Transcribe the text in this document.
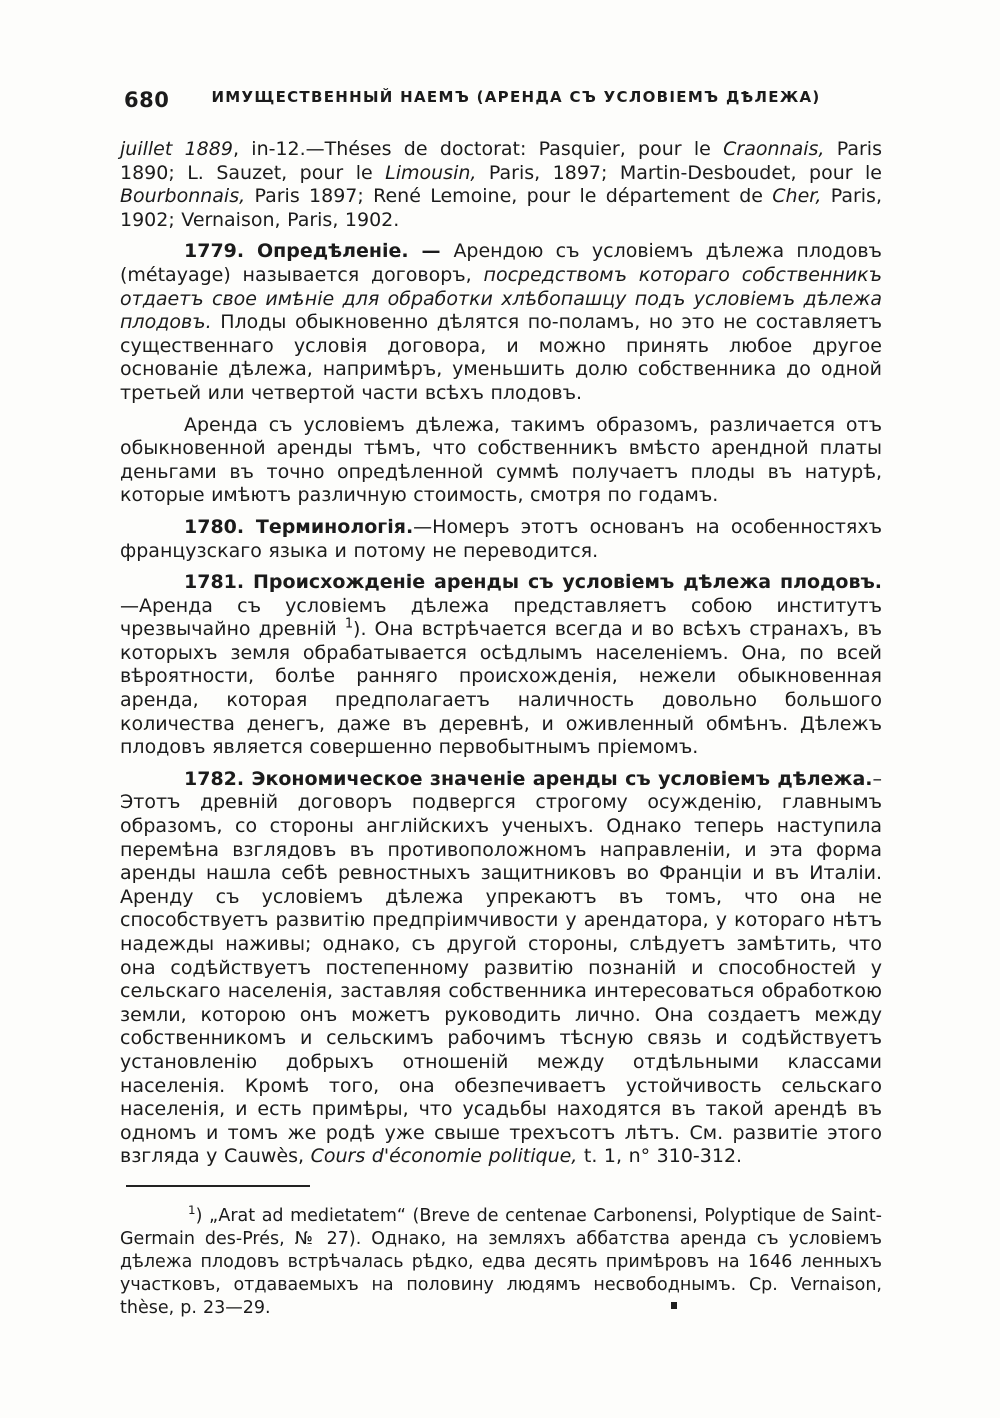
680	ИМУЩЕСТВЕННЫЙ НАЕМЪ (АРЕНДА СЪ УСЛОВІЕМЪ ДѢЛЕЖА)

juillet 1889, in-12.—Théses de doctorat: Pasquier, pour le Craonnais, Paris 1890; L. Sauzet, pour le Limousin, Paris, 1897; Martin-Desboudet, pour le Bourbonnais, Paris 1897; René Lemoine, pour le département de Cher, Paris, 1902; Vernaison, Paris, 1902.

1779. Опредѣленіе. — Арендою съ условіемъ дѣлежа плодовъ (métayage) называется договоръ, посредствомъ котораго собственникъ отдаетъ свое имѣніе для обработки хлѣбопашцу подъ условіемъ дѣлежа плодовъ. Плоды обыкновенно дѣлятся по-поламъ, но это не составляетъ существеннаго условія договора, и можно принять любое другое основаніе дѣлежа, напримѣръ, уменьшить долю собственника до одной третьей или четвертой части всѣхъ плодовъ.

Аренда съ условіемъ дѣлежа, такимъ образомъ, различается отъ обыкновенной аренды тѣмъ, что собственникъ вмѣсто арендной платы деньгами въ точно опредѣленной суммѣ получаетъ плоды въ натурѣ, которые имѣютъ различную стоимость, смотря по годамъ.

1780. Терминологія.—Номеръ этотъ основанъ на особенностяхъ французскаго языка и потому не переводится.

1781. Происхожденіе аренды съ условіемъ дѣлежа плодовъ.—Аренда съ условіемъ дѣлежа представляетъ собою институтъ чрезвычайно древній $^1$). Она встрѣчается всегда и во всѣхъ странахъ, въ которыхъ земля обрабатывается осѣдлымъ населеніемъ. Она, по всей вѣроятности, болѣе ранняго происхожденія, нежели обыкновенная аренда, которая предполагаетъ наличность довольно большого количества денегъ, даже въ деревнѣ, и оживленный обмѣнъ. Дѣлежъ плодовъ является совершенно первобытнымъ пріемомъ.

1782. Экономическое значеніе аренды съ условіемъ дѣлежа.– Этотъ древній договоръ подвергся строгому осужденію, главнымъ образомъ, со стороны англійскихъ ученыхъ. Однако теперь наступила перемѣна взглядовъ въ противоположномъ направленіи, и эта форма аренды нашла себѣ ревностныхъ защитниковъ во Франціи и въ Италіи. Аренду съ условіемъ дѣлежа упрекаютъ въ томъ, что она не способствуетъ развитію предпріимчивости у арендатора, у котораго нѣтъ надежды наживы; однако, съ другой стороны, слѣдуетъ замѣтить, что она содѣйствуетъ постепенному развитію познаній и способностей у сельскаго населенія, заставляя собственника интересоваться обработкою земли, которою онъ можетъ руководить лично. Она создаетъ между собственникомъ и сельскимъ рабочимъ тѣсную связь и содѣйствуетъ установленію добрыхъ отношеній между отдѣльными классами населенія. Кромѣ того, она обезпечиваетъ устойчивость сельскаго населенія, и есть примѣры, что усадьбы находятся въ такой арендѣ въ одномъ и томъ же родѣ уже свыше трехъсотъ лѣтъ. См. развитіе этого взгляда у Cauwès, Cours d'économie politique, t. 1, n° 310-312.

$^1$) „Arat ad medietatem“ (Breve de centenae Carbonensi, Polyptique de Saint-Germain des-Prés, № 27). Однако, на земляхъ аббатства аренда съ условіемъ дѣлежа плодовъ встрѣчалась рѣдко, едва десять примѣровъ на 1646 ленныхъ участковъ, отдаваемыхъ на половину людямъ несвободнымъ. Ср. Vernaison, thèse, p. 23—29.
